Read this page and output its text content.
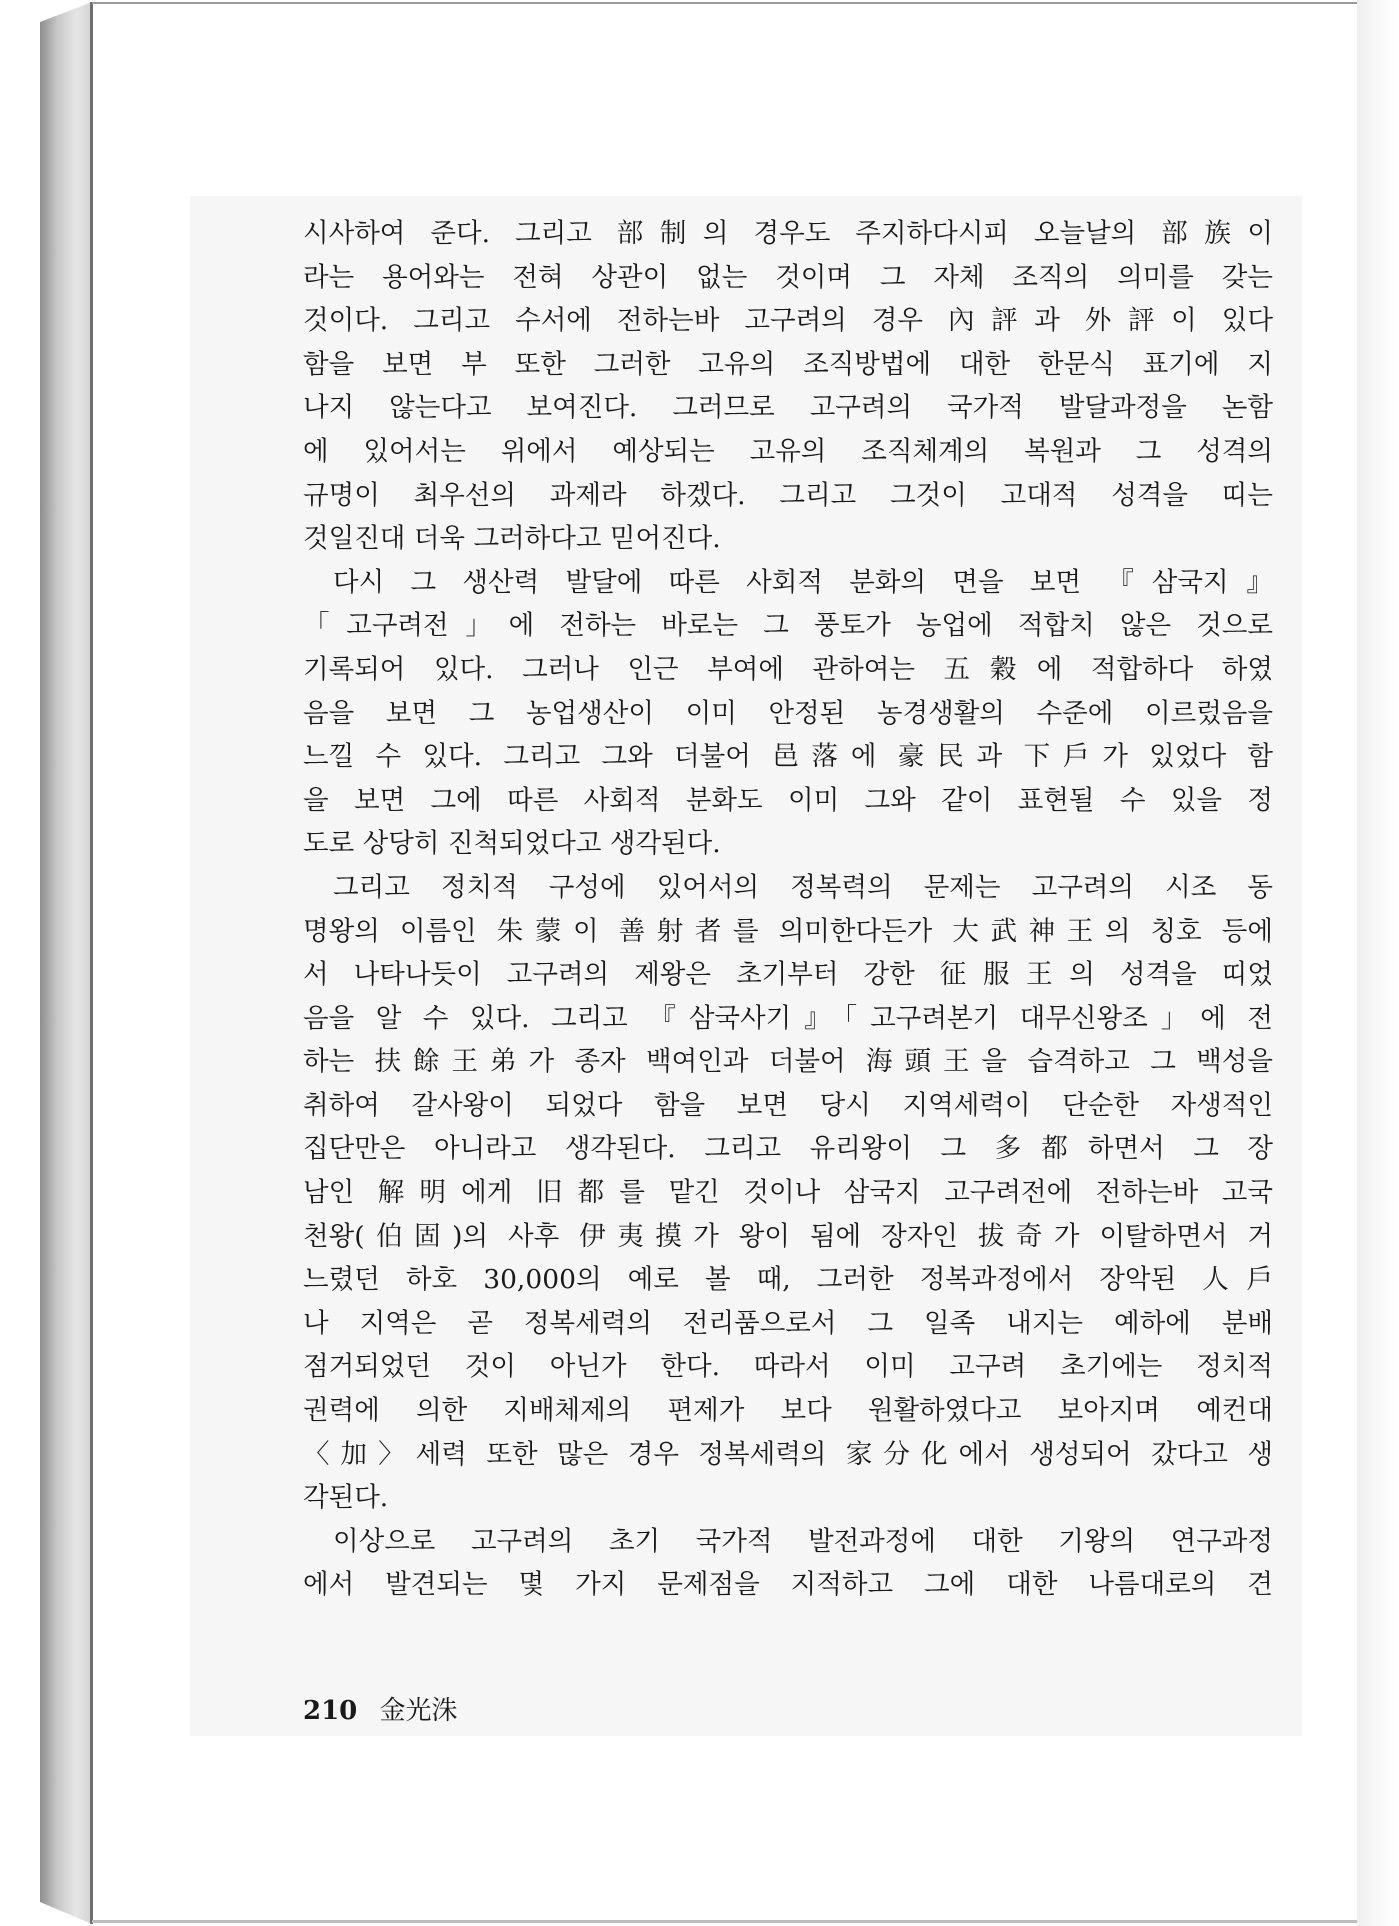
시사하여 준다. 그리고 部制의 경우도 주지하다시피 오늘날의 部族이
라는 용어와는 전혀 상관이 없는 것이며 그 자체 조직의 의미를 갖는
것이다. 그리고 수서에 전하는바 고구려의 경우 內評과 外評이 있다
함을 보면 부 또한 그러한 고유의 조직방법에 대한 한문식 표기에 지
나지 않는다고 보여진다. 그러므로 고구려의 국가적 발달과정을 논함
에 있어서는 위에서 예상되는 고유의 조직체계의 복원과 그 성격의
규명이 최우선의 과제라 하겠다. 그리고 그것이 고대적 성격을 띠는
것일진대 더욱 그러하다고 믿어진다.
다시 그 생산력 발달에 따른 사회적 분화의 면을 보면 『삼국지』
「고구려전」에 전하는 바로는 그 풍토가 농업에 적합치 않은 것으로
기록되어 있다. 그러나 인근 부여에 관하여는 五穀에 적합하다 하였
음을 보면 그 농업생산이 이미 안정된 농경생활의 수준에 이르렀음을
느낄 수 있다. 그리고 그와 더불어 邑落에 豪民과 下戶가 있었다 함
을 보면 그에 따른 사회적 분화도 이미 그와 같이 표현될 수 있을 정
도로 상당히 진척되었다고 생각된다.
그리고 정치적 구성에 있어서의 정복력의 문제는 고구려의 시조 동
명왕의 이름인 朱蒙이 善射者를 의미한다든가 大武神王의 칭호 등에
서 나타나듯이 고구려의 제왕은 초기부터 강한 征服王의 성격을 띠었
음을 알 수 있다. 그리고 『삼국사기』「고구려본기 대무신왕조」에 전
하는 扶餘王弟가 종자 백여인과 더불어 海頭王을 습격하고 그 백성을
취하여 갈사왕이 되었다 함을 보면 당시 지역세력이 단순한 자생적인
집단만은 아니라고 생각된다. 그리고 유리왕이 그 多都하면서 그 장
남인 解明에게 旧都를 맡긴 것이나 삼국지 고구려전에 전하는바 고국
천왕(伯固)의 사후 伊夷摸가 왕이 됨에 장자인 拔奇가 이탈하면서 거
느렸던 하호 30,000의 예로 볼 때, 그러한 정복과정에서 장악된 人戶
나 지역은 곧 정복세력의 전리품으로서 그 일족 내지는 예하에 분배
점거되었던 것이 아닌가 한다. 따라서 이미 고구려 초기에는 정치적
권력에 의한 지배체제의 편제가 보다 원활하였다고 보아지며 예컨대
〈加〉세력 또한 많은 경우 정복세력의 家分化에서 생성되어 갔다고 생
각된다.
이상으로 고구려의 초기 국가적 발전과정에 대한 기왕의 연구과정
에서 발견되는 몇 가지 문제점을 지적하고 그에 대한 나름대로의 견
210 金光洙
